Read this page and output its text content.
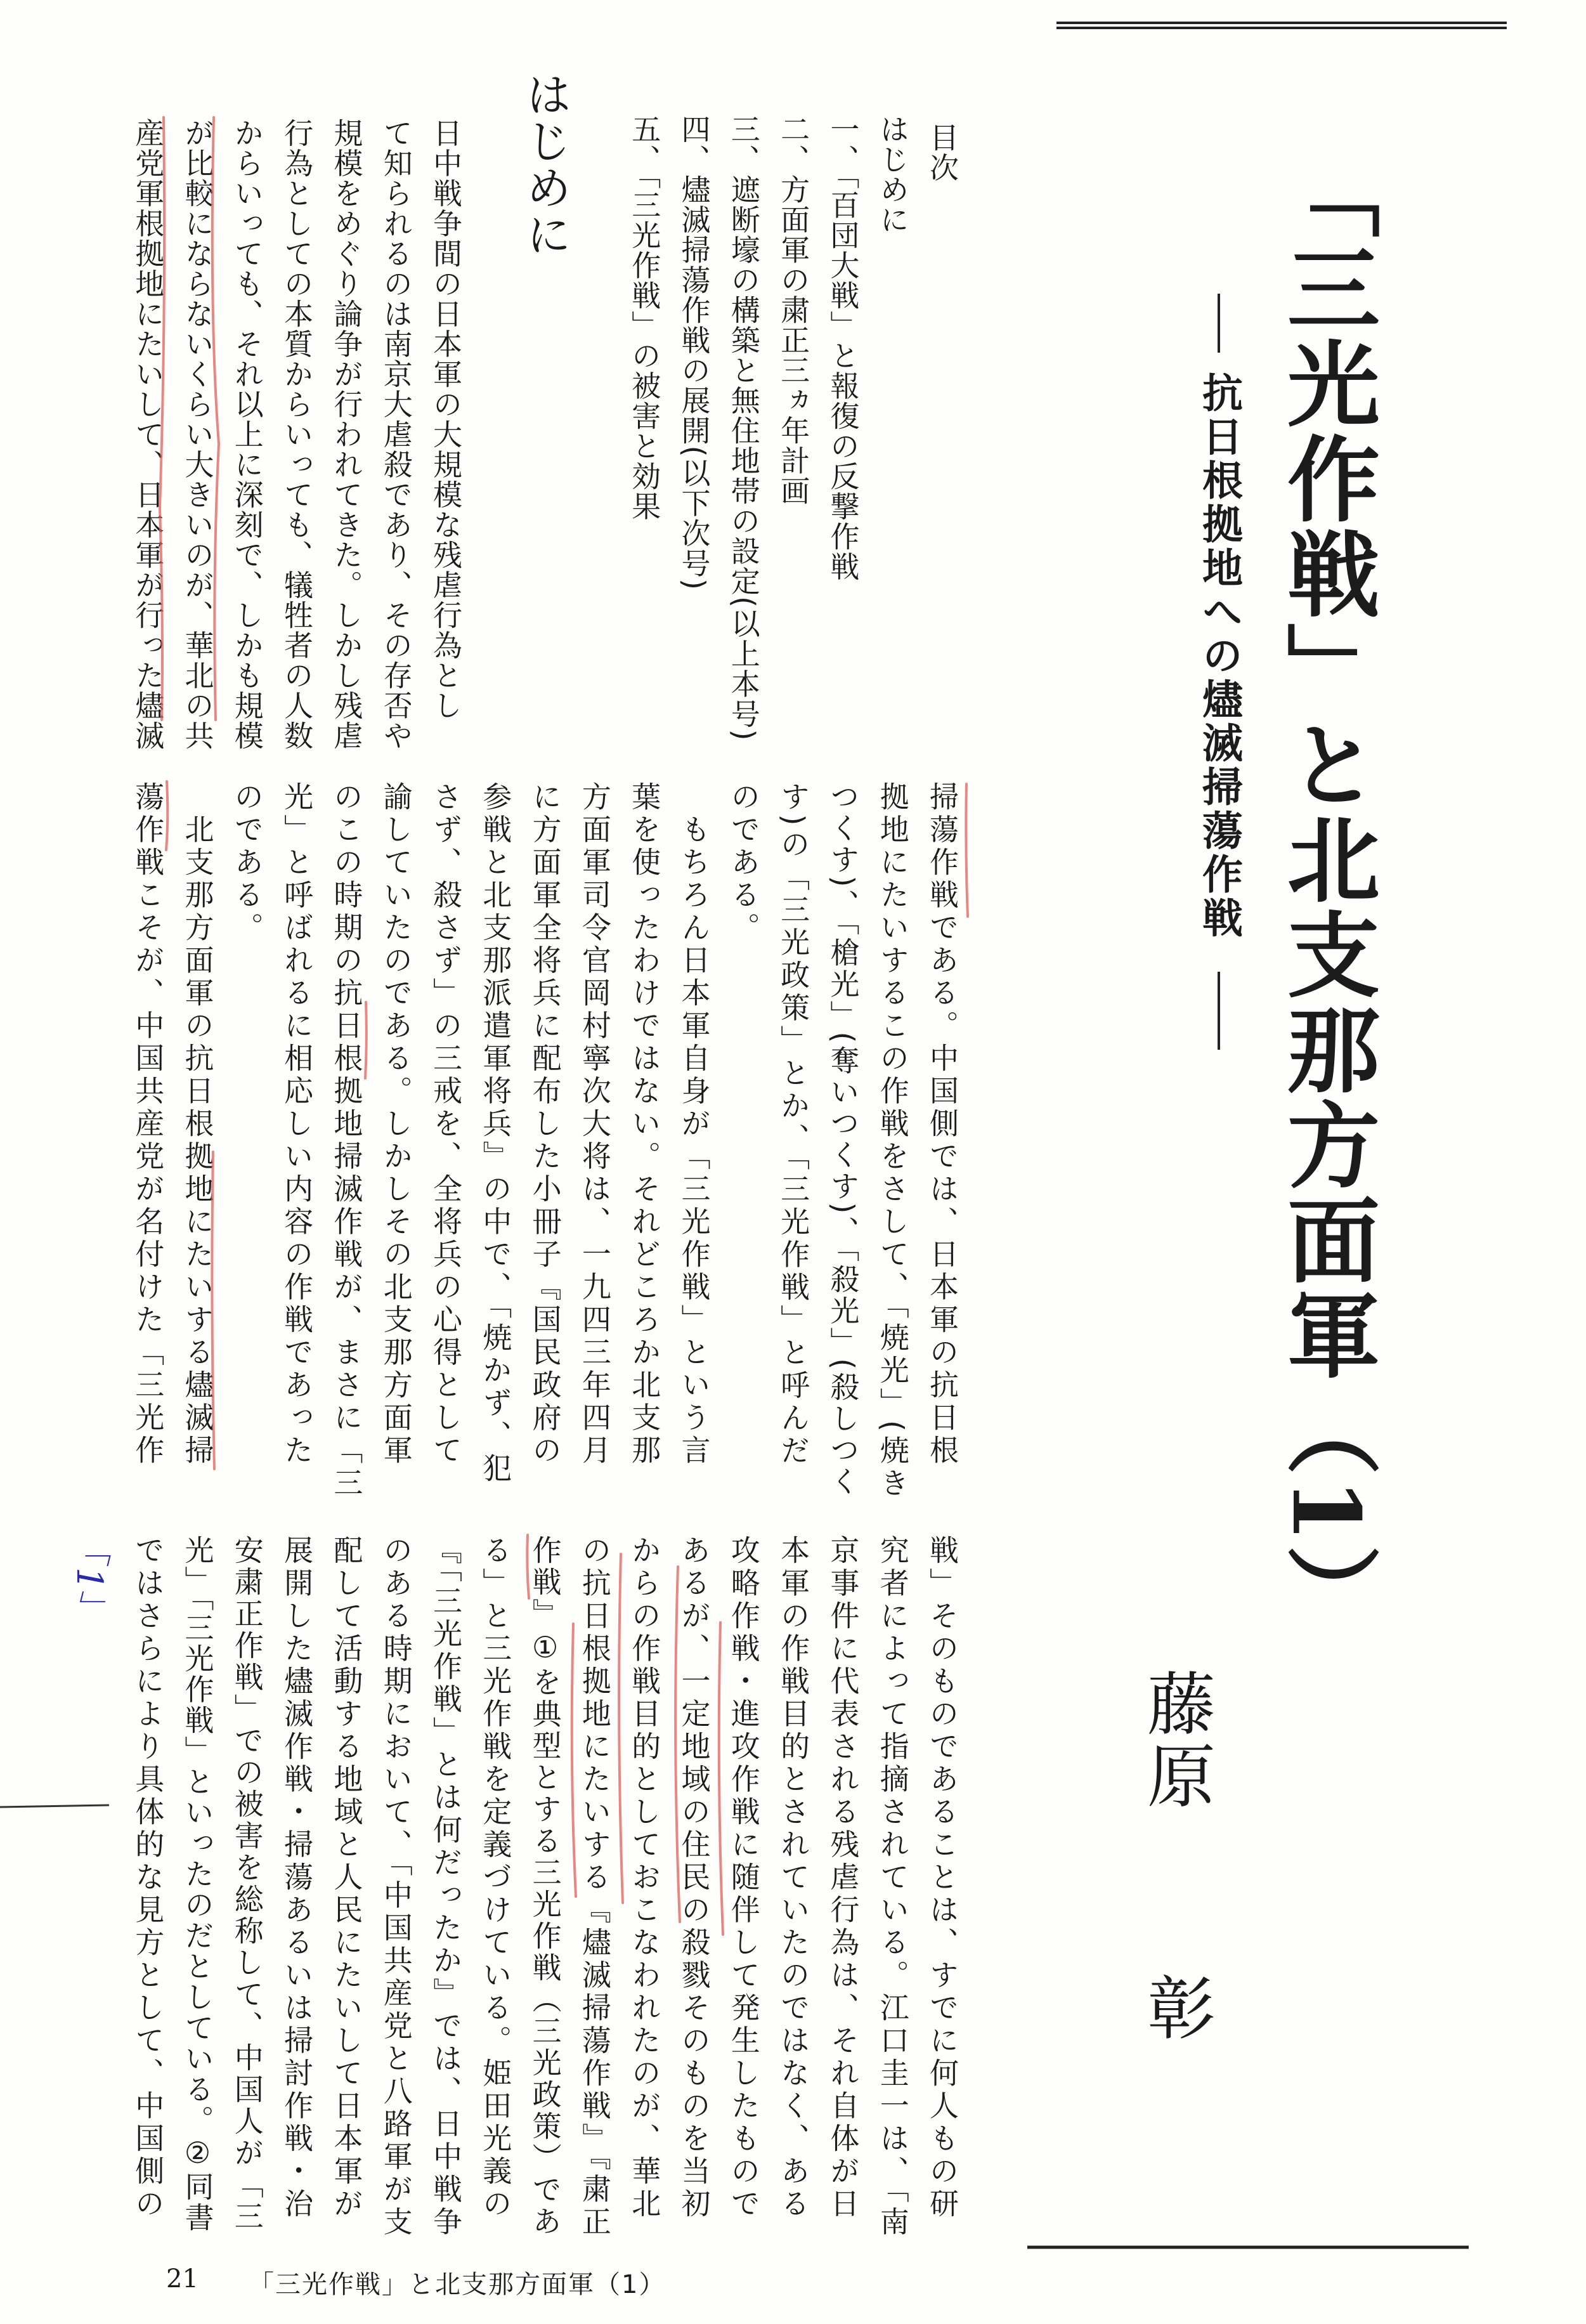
「三光作戦」と北支那方面軍（1）
抗日根拠地への燼滅掃蕩作戦
藤原
彰
目次
はじめに
一、「百団大戦」と報復の反撃作戦
二、方面軍の粛正三ヵ年計画
三、遮断壕の構築と無住地帯の設定(以上本号)
四、燼滅掃蕩作戦の展開(以下次号)
五、「三光作戦」の被害と効果
はじめに
日中戦争間の日本軍の大規模な残虐行為とし
て知られるのは南京大虐殺であり、その存否や
規模をめぐり論争が行われてきた。しかし残虐
行為としての本質からいっても、犠牲者の人数
からいっても、それ以上に深刻で、しかも規模
が比較にならないくらい大きいのが、華北の共
産党軍根拠地にたいして、日本軍が行った燼滅
掃蕩作戦である。中国側では、日本軍の抗日根
拠地にたいするこの作戦をさして、「焼光」(焼き
つくす)、「槍光」(奪いつくす)、「殺光」(殺しつく
す)の「三光政策」とか、「三光作戦」と呼んだ
のである。
　もちろん日本軍自身が「三光作戦」という言
葉を使ったわけではない。それどころか北支那
方面軍司令官岡村寧次大将は、一九四三年四月
に方面軍全将兵に配布した小冊子『国民政府の
参戦と北支那派遣軍将兵』の中で、「焼かず、犯
さず、殺さず」の三戒を、全将兵の心得として
諭していたのである。しかしその北支那方面軍
のこの時期の抗日根拠地掃滅作戦が、まさに「三
光」と呼ばれるに相応しい内容の作戦であった
のである。
　北支那方面軍の抗日根拠地にたいする燼滅掃
蕩作戦こそが、中国共産党が名付けた「三光作
戦」そのものであることは、すでに何人もの研
究者によって指摘されている。江口圭一は、「南
京事件に代表される残虐行為は、それ自体が日
本軍の作戦目的とされていたのではなく、ある
攻略作戦・進攻作戦に随伴して発生したもので
あるが、一定地域の住民の殺戮そのものを当初
からの作戦目的としておこなわれたのが、華北
の抗日根拠地にたいする『燼滅掃蕩作戦』『粛正
作戦』①を典型とする三光作戦（三光政策）であ
る」と三光作戦を定義づけている。姫田光義の
『「三光作戦」とは何だったか』では、日中戦争
のある時期において、「中国共産党と八路軍が支
配して活動する地域と人民にたいして日本軍が
展開した燼滅作戦・掃蕩あるいは掃討作戦・治
安粛正作戦」での被害を総称して、中国人が「三
光」「三光作戦」といったのだとしている。②同書
ではさらにより具体的な見方として、中国側の
「1」
21 「三光作戦」と北支那方面軍（1）
